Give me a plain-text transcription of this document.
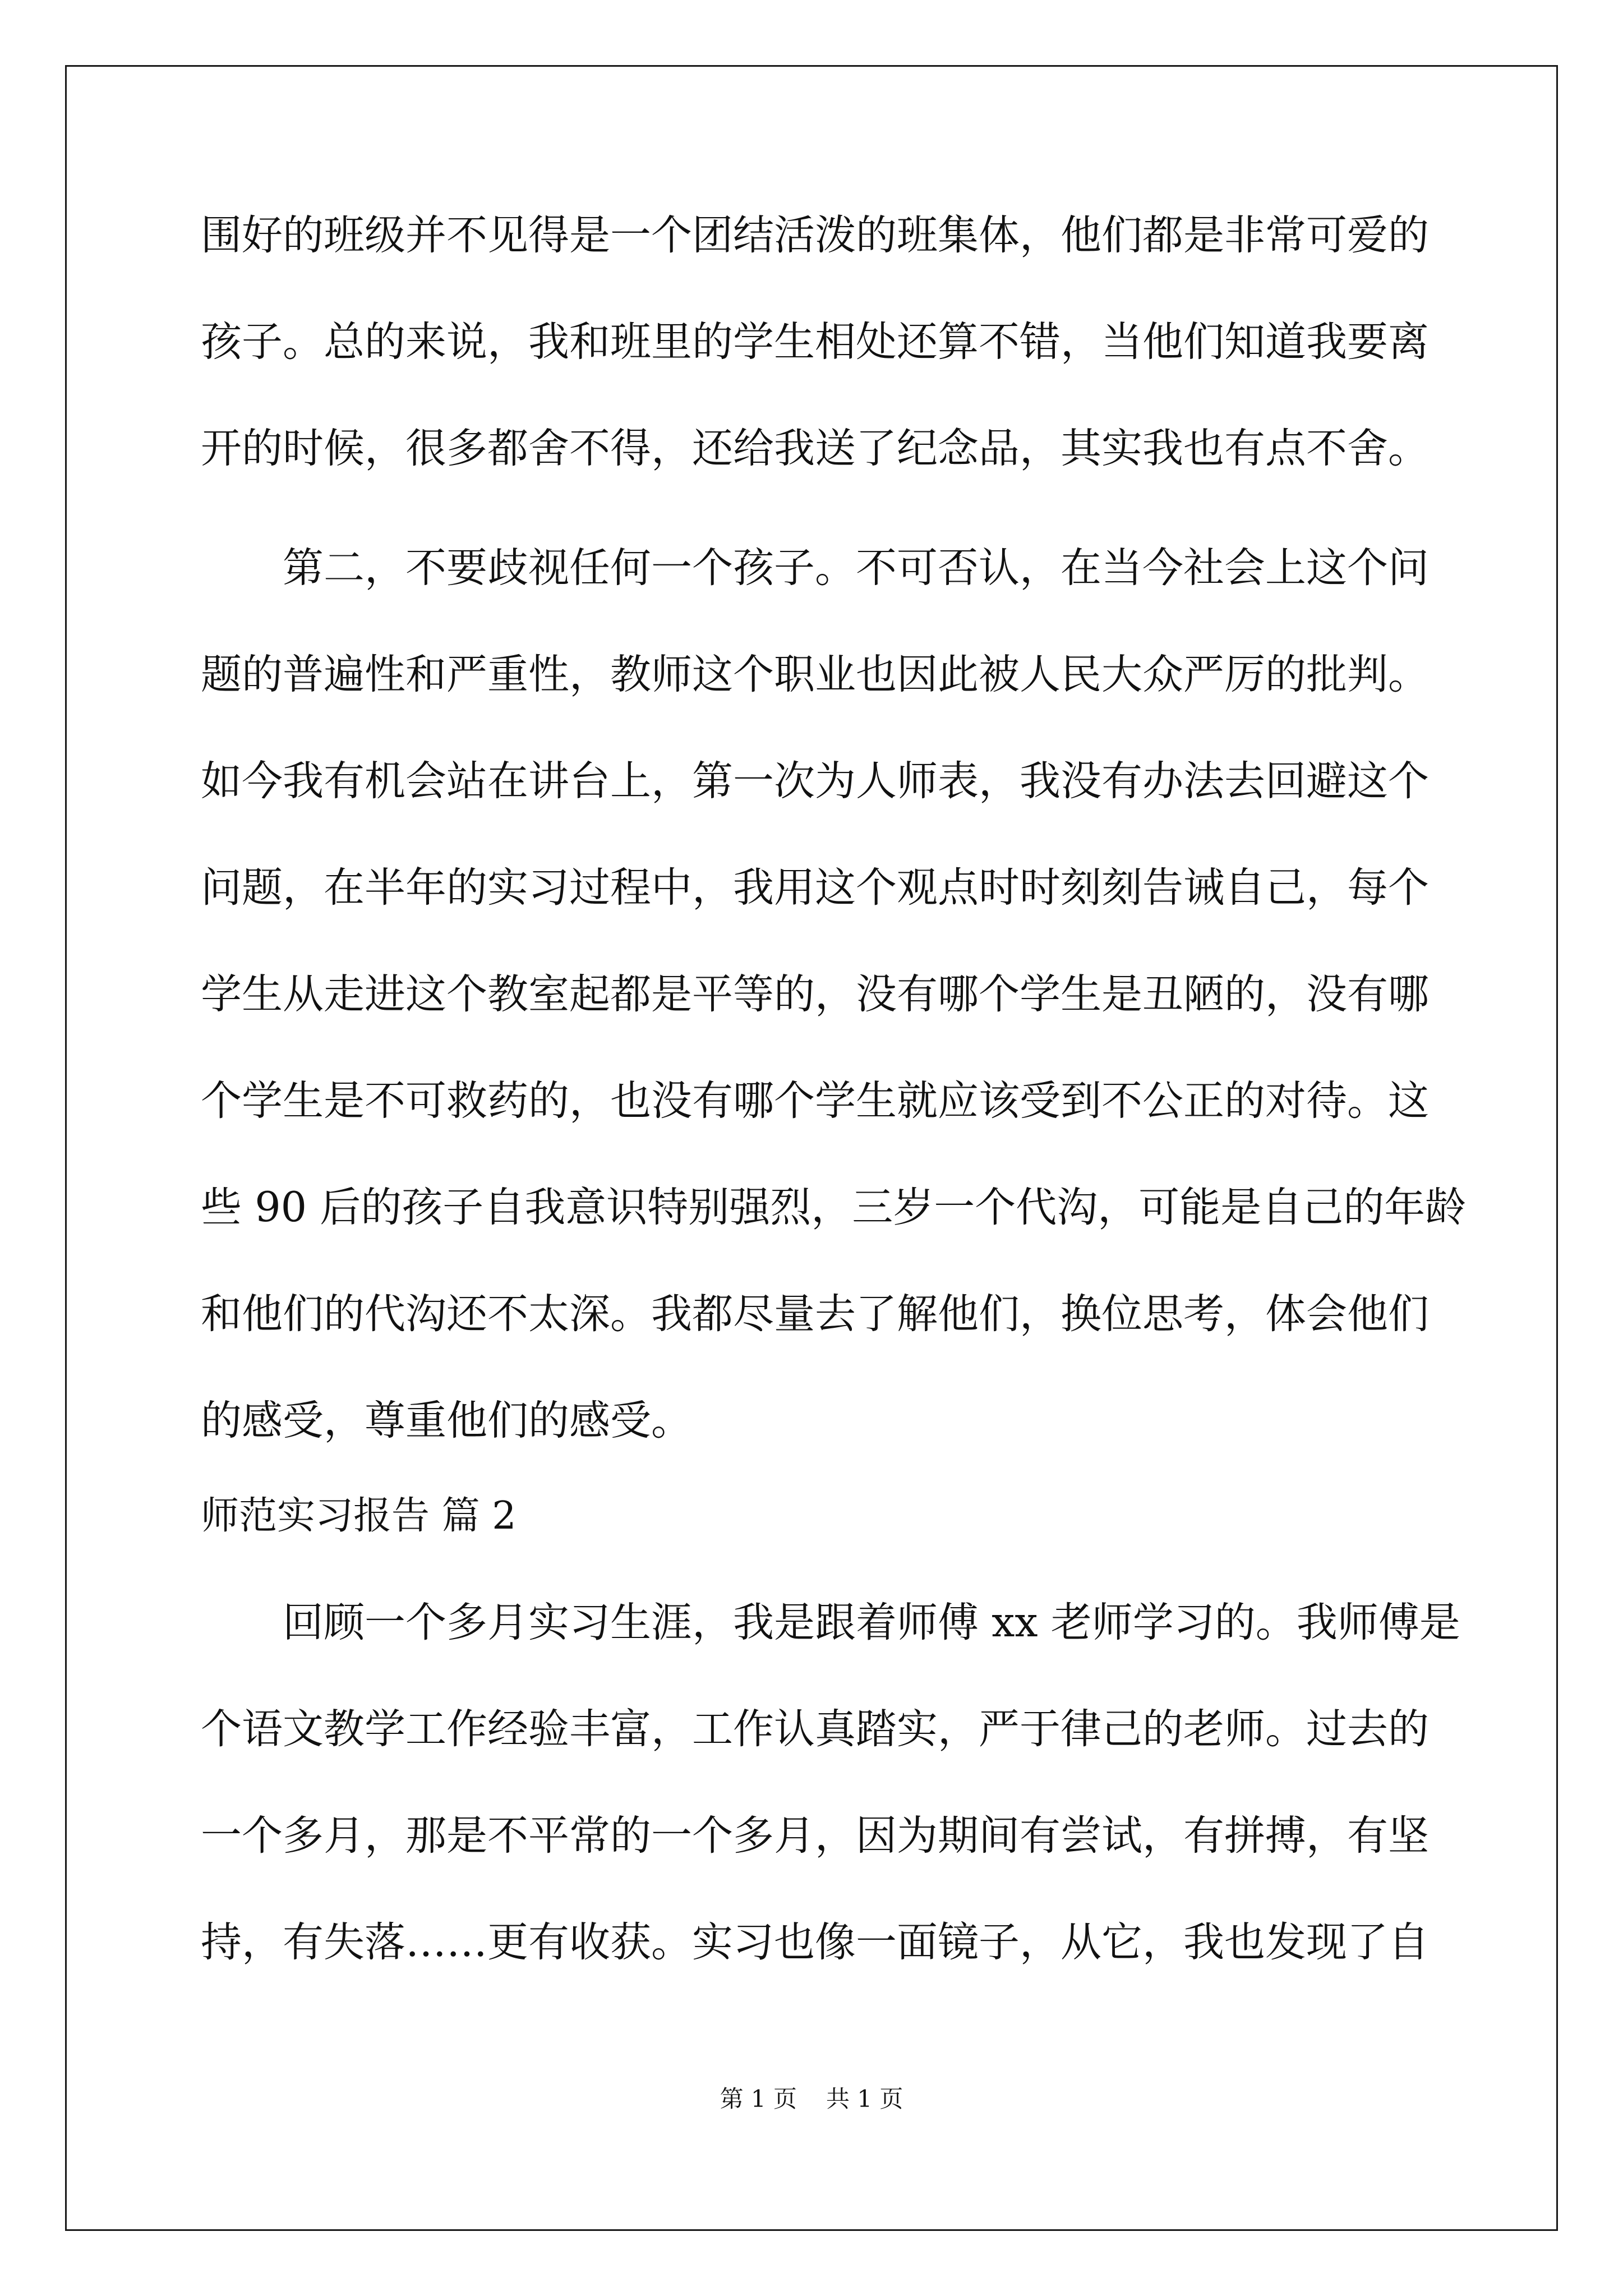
围好的班级并不见得是一个团结活泼的班集体，他们都是非常可爱的
孩子。总的来说，我和班里的学生相处还算不错，当他们知道我要离
开的时候，很多都舍不得，还给我送了纪念品，其实我也有点不舍。
　　第二，不要歧视任何一个孩子。不可否认，在当今社会上这个问
题的普遍性和严重性，教师这个职业也因此被人民大众严厉的批判。
如今我有机会站在讲台上，第一次为人师表，我没有办法去回避这个
问题，在半年的实习过程中，我用这个观点时时刻刻告诫自己，每个
学生从走进这个教室起都是平等的，没有哪个学生是丑陋的，没有哪
个学生是不可救药的，也没有哪个学生就应该受到不公正的对待。这
些 90 后的孩子自我意识特别强烈，三岁一个代沟，可能是自己的年龄
和他们的代沟还不太深。我都尽量去了解他们，换位思考，体会他们
的感受，尊重他们的感受。
师范实习报告 篇 2
　　回顾一个多月实习生涯，我是跟着师傅 xx 老师学习的。我师傅是
个语文教学工作经验丰富，工作认真踏实，严于律己的老师。过去的
一个多月，那是不平常的一个多月，因为期间有尝试，有拼搏，有坚
持，有失落……更有收获。实习也像一面镜子，从它，我也发现了自
第 1 页 共 1 页
